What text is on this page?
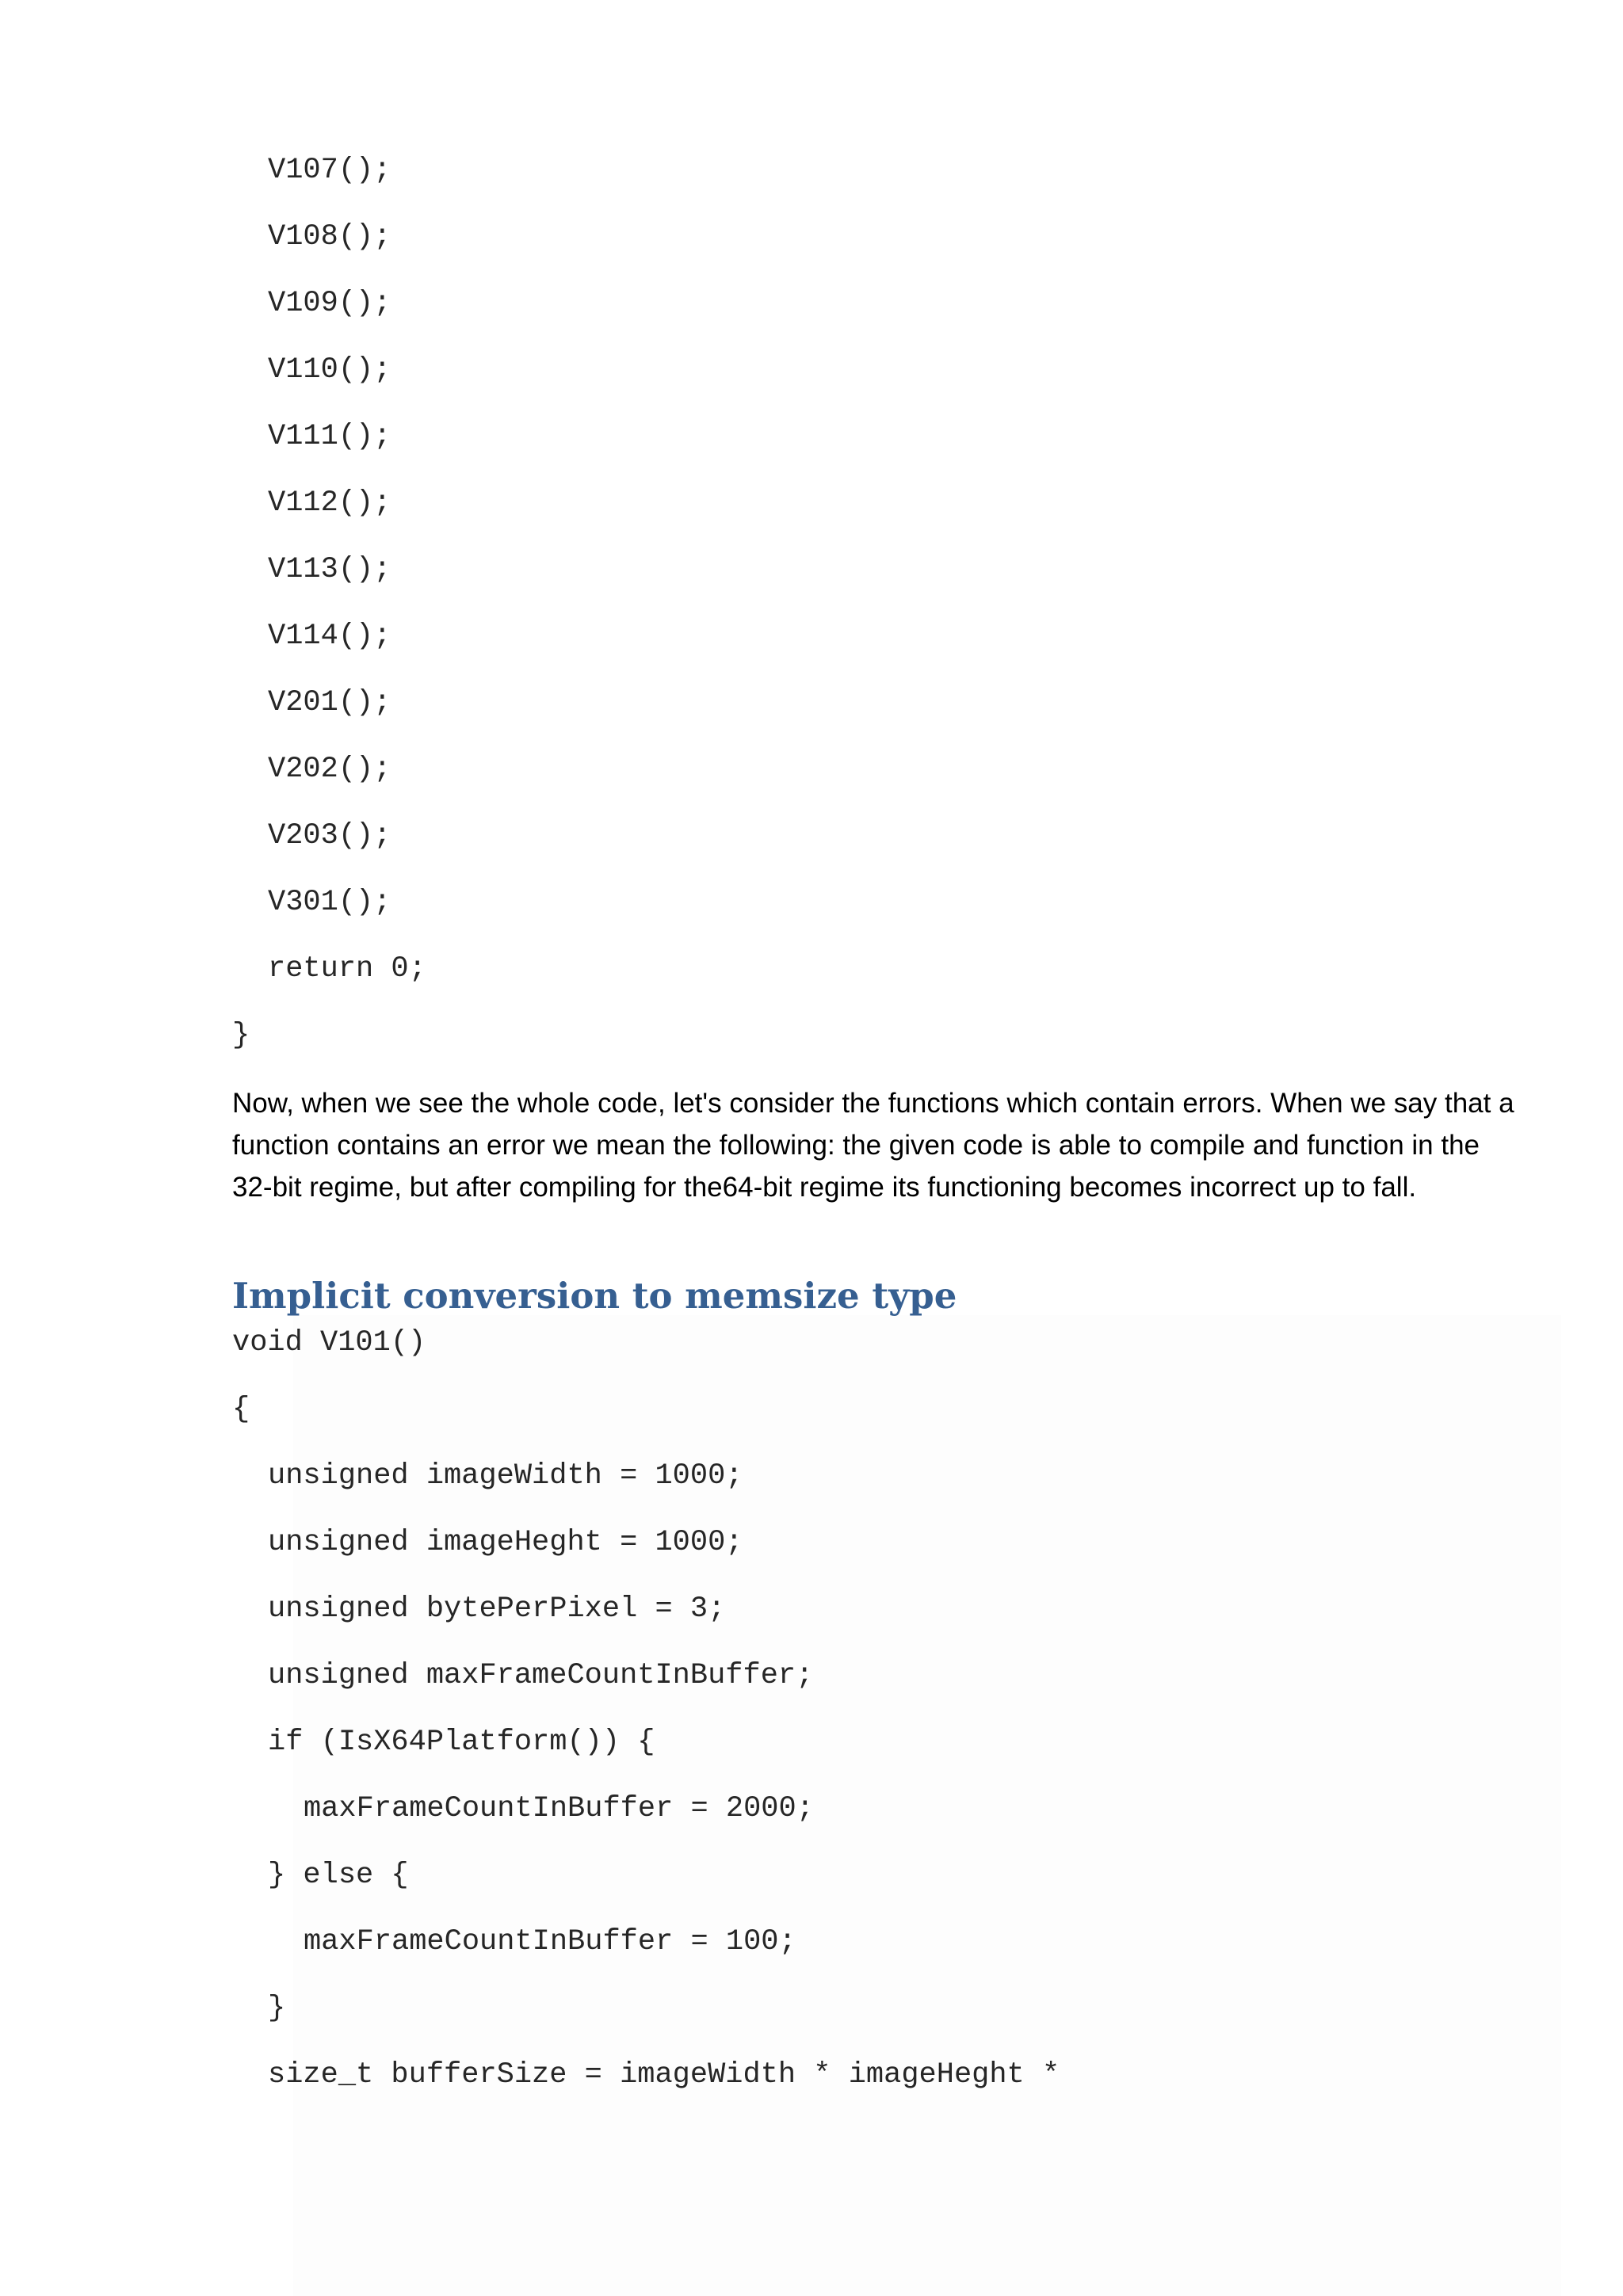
V107();
V108();
V109();
V110();
V111();
V112();
V113();
V114();
V201();
V202();
V203();
V301();
return 0;
}

Now, when we see the whole code, let's consider the functions which contain errors. When we say that a function contains an error we mean the following: the given code is able to compile and function in the 32-bit regime, but after compiling for the64-bit regime its functioning becomes incorrect up to fall.

Implicit conversion to memsize type
void V101()
{
unsigned imageWidth = 1000;
unsigned imageHeght = 1000;
unsigned bytePerPixel = 3;
unsigned maxFrameCountInBuffer;
if (IsX64Platform()) {
maxFrameCountInBuffer = 2000;
} else {
maxFrameCountInBuffer = 100;
}
size_t bufferSize = imageWidth * imageHeght *
